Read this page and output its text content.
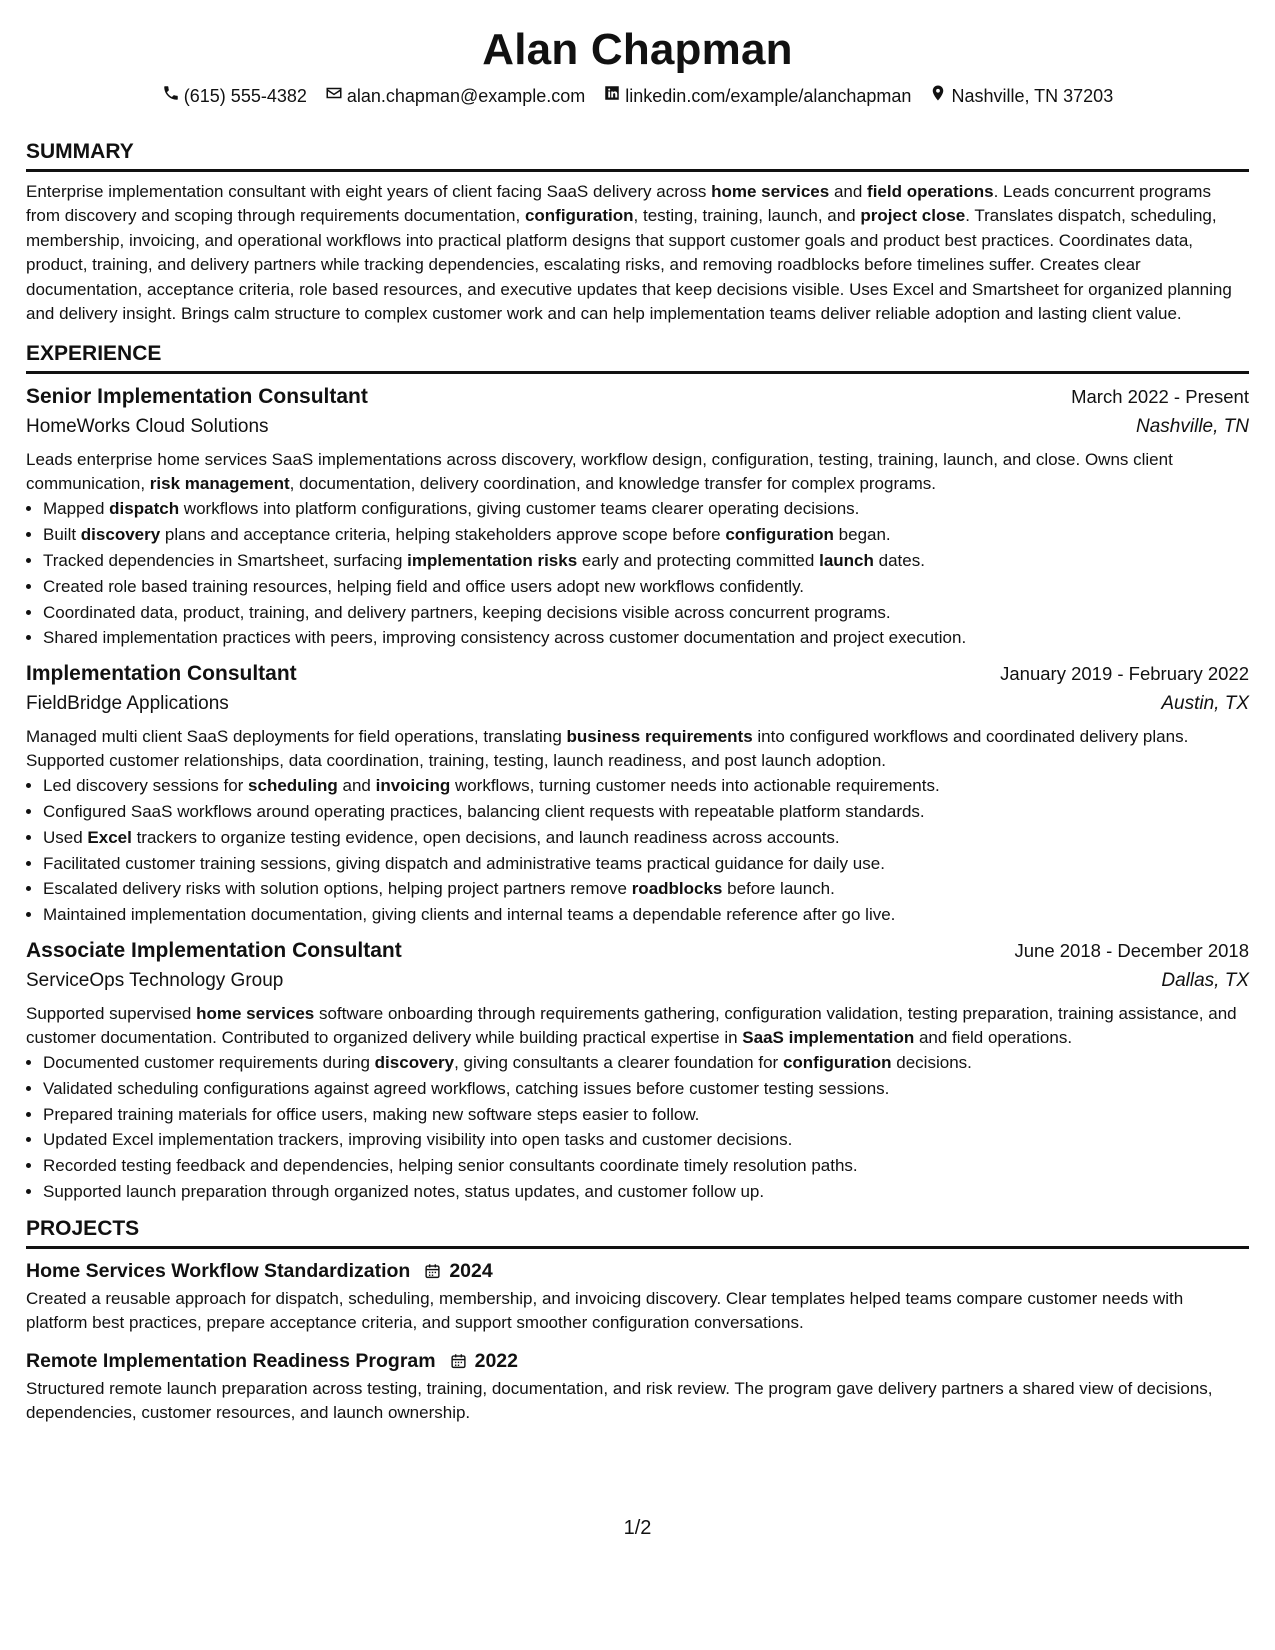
Alan Chapman
(615) 555-4382 alan.chapman@example.com linkedin.com/example/alanchapman Nashville, TN 37203
SUMMARY

Enterprise implementation consultant with eight years of client facing SaaS delivery across home services and field operations. Leads concurrent programs from discovery and scoping through requirements documentation, configuration, testing, training, launch, and project close. Translates dispatch, scheduling, membership, invoicing, and operational workflows into practical platform designs that support customer goals and product best practices. Coordinates data, product, training, and delivery partners while tracking dependencies, escalating risks, and removing roadblocks before timelines suffer. Creates clear documentation, acceptance criteria, role based resources, and executive updates that keep decisions visible. Uses Excel and Smartsheet for organized planning and delivery insight. Brings calm structure to complex customer work and can help implementation teams deliver reliable adoption and lasting client value.

EXPERIENCE
Senior Implementation Consultant	March 2022 - Present
HomeWorks Cloud Solutions	Nashville, TN

Leads enterprise home services SaaS implementations across discovery, workflow design, configuration, testing, training, launch, and close. Owns client communication, risk management, documentation, delivery coordination, and knowledge transfer for complex programs.

• Mapped dispatch workflows into platform configurations, giving customer teams clearer operating decisions.
• Built discovery plans and acceptance criteria, helping stakeholders approve scope before configuration began.
• Tracked dependencies in Smartsheet, surfacing implementation risks early and protecting committed launch dates.
• Created role based training resources, helping field and office users adopt new workflows confidently.
• Coordinated data, product, training, and delivery partners, keeping decisions visible across concurrent programs.
• Shared implementation practices with peers, improving consistency across customer documentation and project execution.
Implementation Consultant	January 2019 - February 2022
FieldBridge Applications	Austin, TX

Managed multi client SaaS deployments for field operations, translating business requirements into configured workflows and coordinated delivery plans. Supported customer relationships, data coordination, training, testing, launch readiness, and post launch adoption.

• Led discovery sessions for scheduling and invoicing workflows, turning customer needs into actionable requirements.
• Configured SaaS workflows around operating practices, balancing client requests with repeatable platform standards.
• Used Excel trackers to organize testing evidence, open decisions, and launch readiness across accounts.
• Facilitated customer training sessions, giving dispatch and administrative teams practical guidance for daily use.
• Escalated delivery risks with solution options, helping project partners remove roadblocks before launch.
• Maintained implementation documentation, giving clients and internal teams a dependable reference after go live.
Associate Implementation Consultant	June 2018 - December 2018
ServiceOps Technology Group	Dallas, TX

Supported supervised home services software onboarding through requirements gathering, configuration validation, testing preparation, training assistance, and customer documentation. Contributed to organized delivery while building practical expertise in SaaS implementation and field operations.

• Documented customer requirements during discovery, giving consultants a clearer foundation for configuration decisions.
• Validated scheduling configurations against agreed workflows, catching issues before customer testing sessions.
• Prepared training materials for office users, making new software steps easier to follow.
• Updated Excel implementation trackers, improving visibility into open tasks and customer decisions.
• Recorded testing feedback and dependencies, helping senior consultants coordinate timely resolution paths.
• Supported launch preparation through organized notes, status updates, and customer follow up.
PROJECTS
Home Services Workflow Standardization 2024

Created a reusable approach for dispatch, scheduling, membership, and invoicing discovery. Clear templates helped teams compare customer needs with platform best practices, prepare acceptance criteria, and support smoother configuration conversations.

Remote Implementation Readiness Program 2022

Structured remote launch preparation across testing, training, documentation, and risk review. The program gave delivery partners a shared view of decisions, dependencies, customer resources, and launch ownership.

1/2
